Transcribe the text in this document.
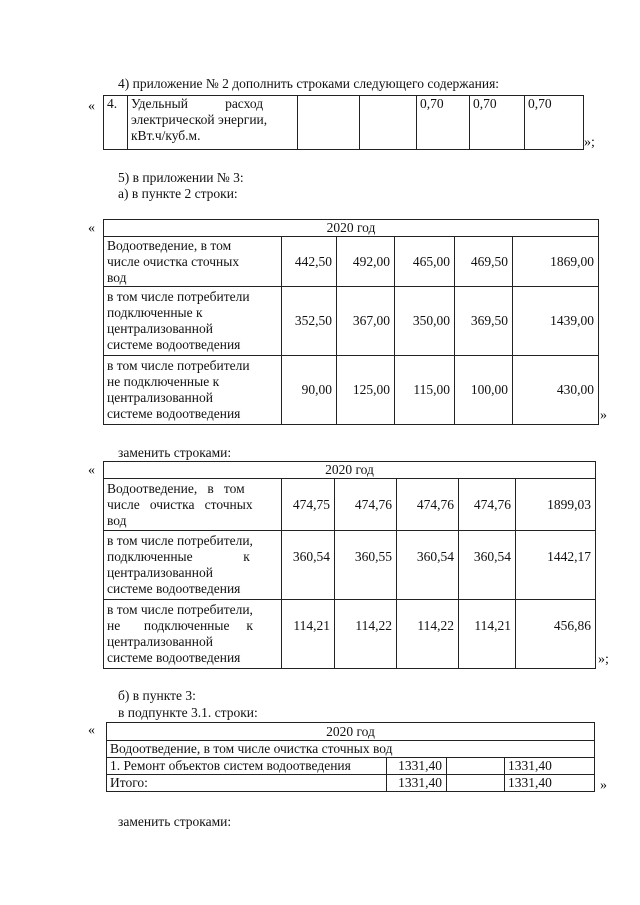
4) приложение № 2 дополнить строками следующего содержания:
« 4.	Удельный           расход
электрической энергии,
кВт.ч/куб.м.
			0,70	0,70	0,70
»;
5) в приложении № 3:
а) в пункте 2 строки:
«	2020 год					

Водоотведение, в том
числе очистка сточных
вод	442,50	492,00	465,00	469,50	1869,00

в том числе потребители
подключенные к
централизованной
системе водоотведения	352,50	367,00	350,00	369,50	1439,00

в том числе потребители
не подключенные к
централизованной
системе водоотведения	90,00	125,00	115,00	100,00	430,00
»
заменить строками:
«	2020 год					

Водоотведение,   в   том
числе   очистка   сточных
вод	474,75	474,76	474,76	474,76	1899,03

в том числе потребители,
подключенные               к
централизованной
системе водоотведения	360,54	360,55	360,54	360,54	1442,17

в том числе потребители,
не       подключенные     к
централизованной
системе водоотведения	114,21	114,22	114,22	114,21	456,86
»;
б) в пункте 3:
в подпункте 3.1. строки:
«	2020 год			
Водоотведение, в том числе очистка сточных вод			
1. Ремонт объектов систем водоотведения	1331,40		1331,40
Итого:	1331,40		1331,40	»
заменить строками:
